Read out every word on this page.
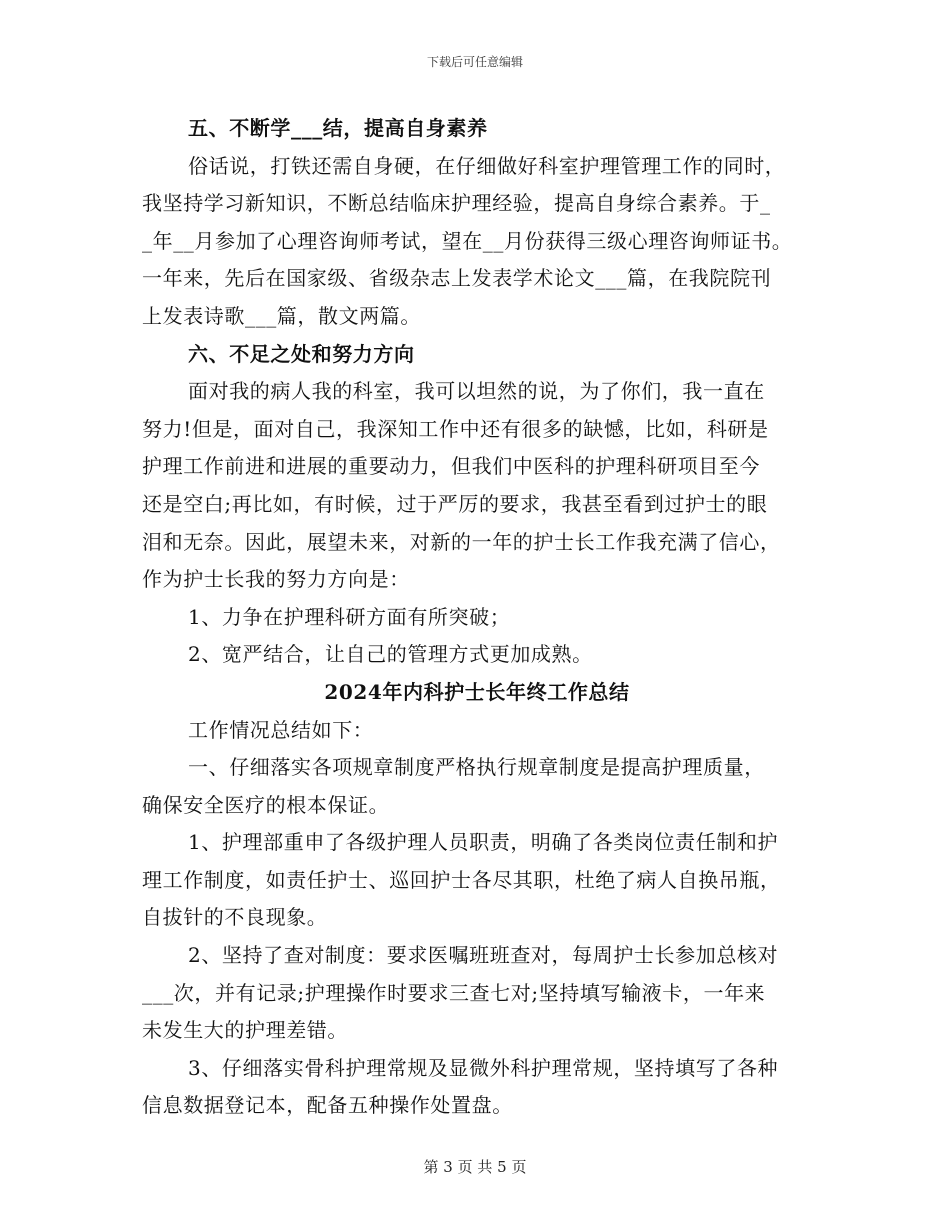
下载后可任意编辑
五、不断学___结，提高自身素养
俗话说，打铁还需自身硬，在仔细做好科室护理管理工作的同时，
我坚持学习新知识，不断总结临床护理经验，提高自身综合素养。于_
_年__月参加了心理咨询师考试，望在__月份获得三级心理咨询师证书。
一年来，先后在国家级、省级杂志上发表学术论文___篇，在我院院刊
上发表诗歌___篇，散文两篇。
六、不足之处和努力方向
面对我的病人我的科室，我可以坦然的说，为了你们，我一直在
努力!但是，面对自己，我深知工作中还有很多的缺憾，比如，科研是
护理工作前进和进展的重要动力，但我们中医科的护理科研项目至今
还是空白;再比如，有时候，过于严厉的要求，我甚至看到过护士的眼
泪和无奈。因此，展望未来，对新的一年的护士长工作我充满了信心，
作为护士长我的努力方向是：
1、力争在护理科研方面有所突破；
2、宽严结合，让自己的管理方式更加成熟。
2024年内科护士长年终工作总结
工作情况总结如下：
一、仔细落实各项规章制度严格执行规章制度是提高护理质量，
确保安全医疗的根本保证。
1、护理部重申了各级护理人员职责，明确了各类岗位责任制和护
理工作制度，如责任护士、巡回护士各尽其职，杜绝了病人自换吊瓶，
自拔针的不良现象。
2、坚持了查对制度：要求医嘱班班查对，每周护士长参加总核对
___次，并有记录;护理操作时要求三查七对;坚持填写输液卡，一年来
未发生大的护理差错。
3、仔细落实骨科护理常规及显微外科护理常规，坚持填写了各种
信息数据登记本，配备五种操作处置盘。
第 3 页 共 5 页
